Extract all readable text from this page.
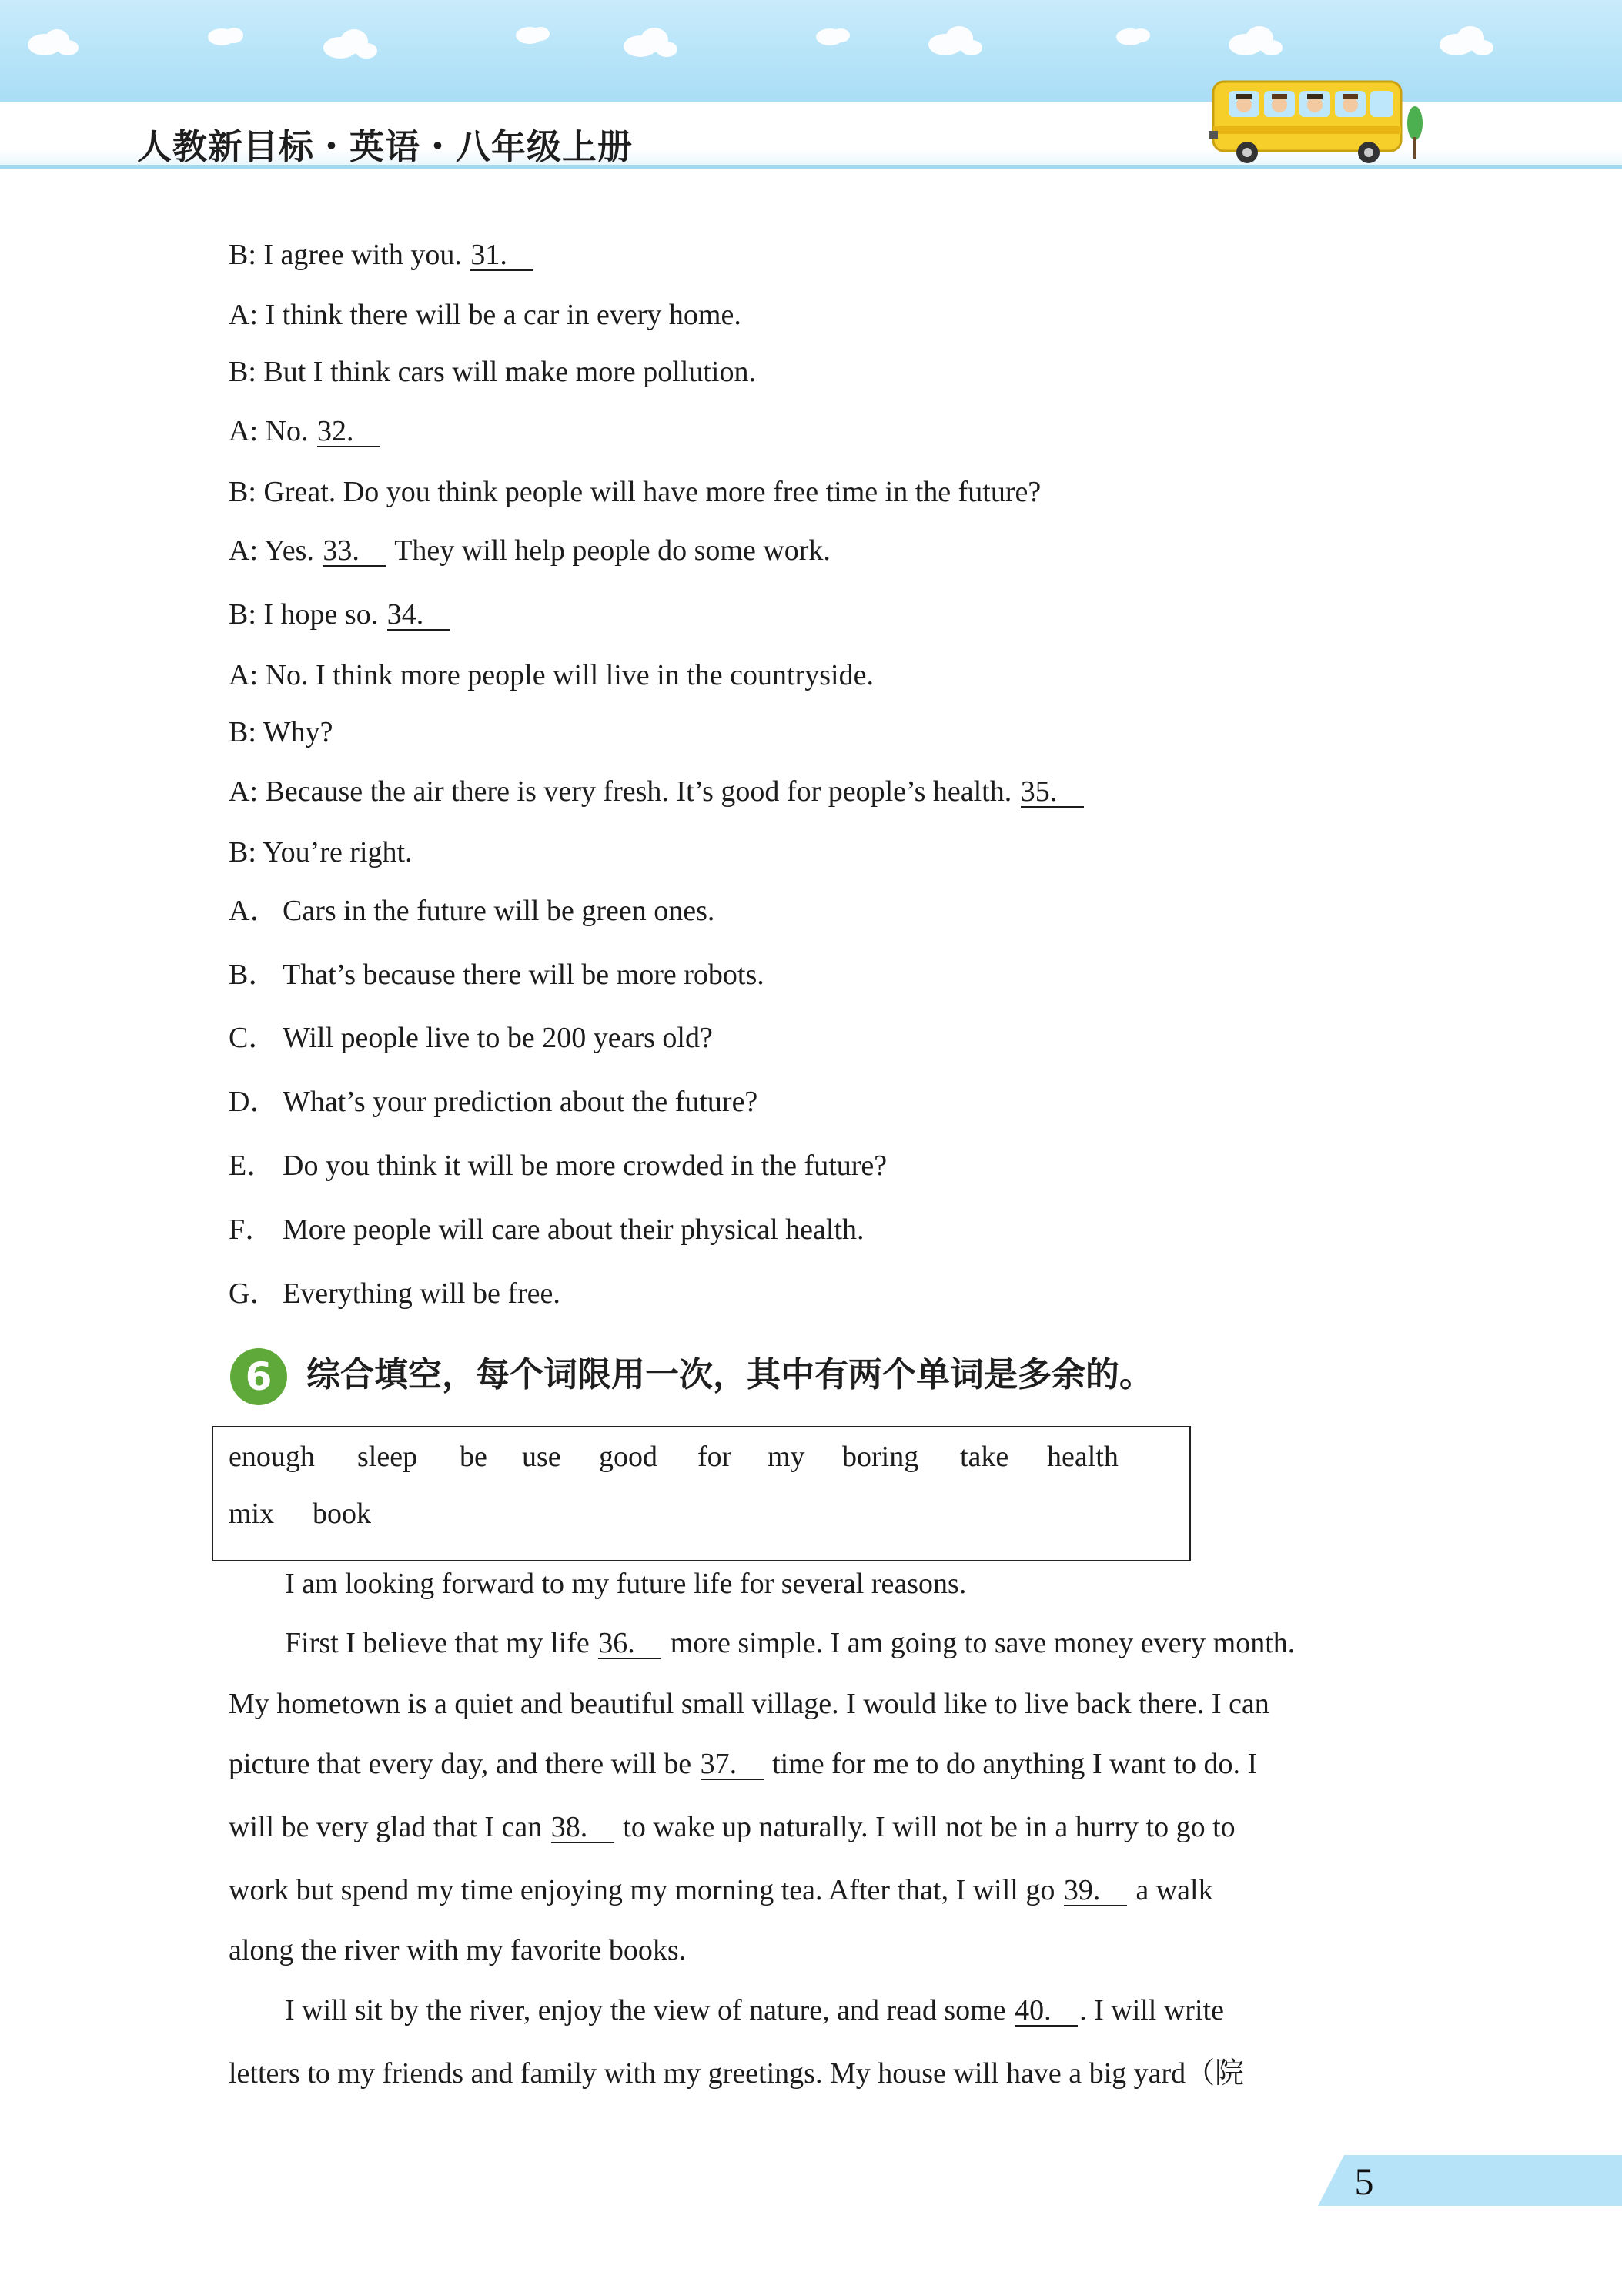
人教新目标・英语・八年级上册
B: I agree with you. 31.
A: I think there will be a car in every home.
B: But I think cars will make more pollution.
A: No. 32.
B: Great. Do you think people will have more free time in the future?
A: Yes. 33. They will help people do some work.
B: I hope so. 34.
A: No. I think more people will live in the countryside.
B: Why?
A: Because the air there is very fresh. It’s good for people’s health. 35.
B: You’re right.
A． Cars in the future will be green ones.
B． That’s because there will be more robots.
C． Will people live to be 200 years old?
D． What’s your prediction about the future?
E． Do you think it will be more crowded in the future?
F． More people will care about their physical health.
G． Everything will be free.
6	综合填空，每个词限用一次，其中有两个单词是多余的。
enough sleep be use good for my boring take health
mix book
I am looking forward to my future life for several reasons.
First I believe that my life 36. more simple. I am going to save money every month.
My hometown is a quiet and beautiful small village. I would like to live back there. I can
picture that every day, and there will be 37. time for me to do anything I want to do. I
will be very glad that I can 38. to wake up naturally. I will not be in a hurry to go to
work but spend my time enjoying my morning tea. After that, I will go 39. a walk
along the river with my favorite books.
I will sit by the river, enjoy the view of nature, and read some 40. . I will write
letters to my friends and family with my greetings. My house will have a big yard（院
5
